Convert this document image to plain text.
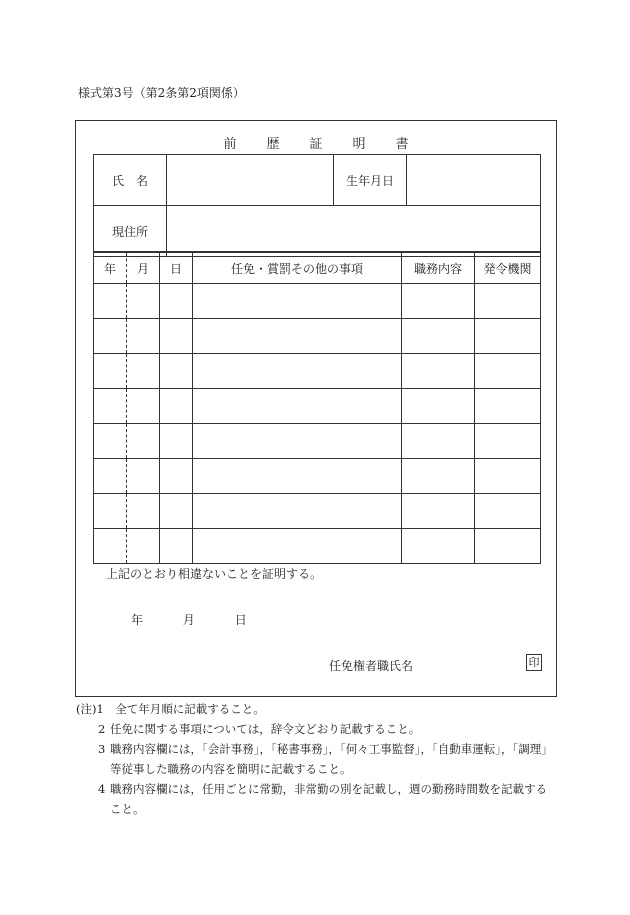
様式第3号（第2条第2項関係）
前歴証明書
氏　名		生年月日	
現住所			
年	月	日	任免・賞罰その他の事項	職務内容	発令機関

上記のとおり相違ないことを証明する。
年	月	日
任免権者職氏名	印
(注)1　 全て年月順に記載すること。
2 任免に関する事項については，辞令文どおり記載すること。
3 職務内容欄には，「会計事務」，「秘書事務」，「何々工事監督」，「自動車運転」，「調理」等従事した職務の内容を簡明に記載すること。
4 職務内容欄には，任用ごとに常勤，非常勤の別を記載し，週の勤務時間数を記載すること。
